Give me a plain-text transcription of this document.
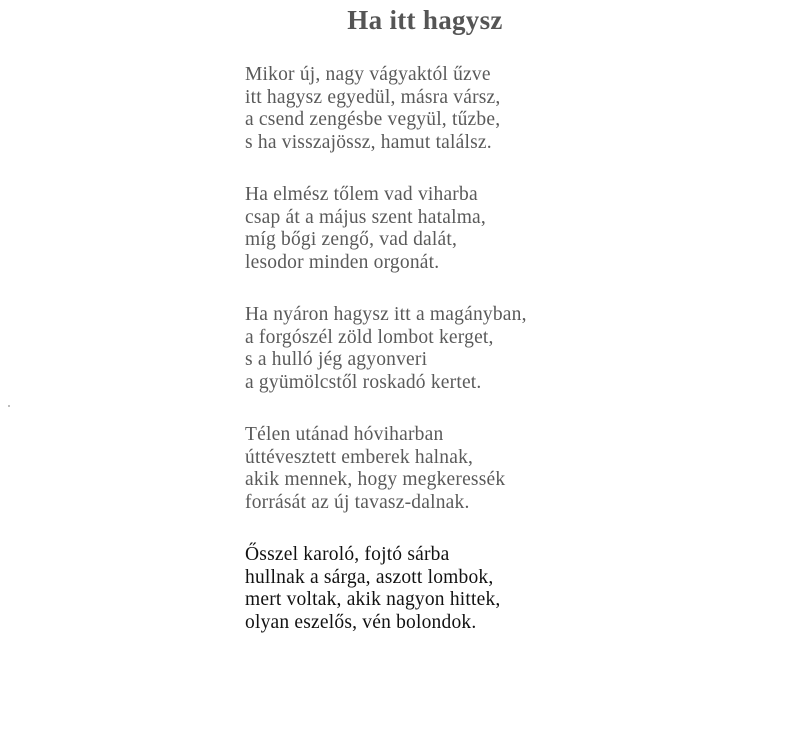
Ha itt hagysz
Mikor új, nagy vágyaktól űzve
itt hagysz egyedül, másra vársz,
a csend zengésbe vegyül, tűzbe,
s ha visszajössz, hamut találsz.
Ha elmész tőlem vad viharba
csap át a május szent hatalma,
míg bőgi zengő, vad dalát,
lesodor minden orgonát.
Ha nyáron hagysz itt a magányban,
a forgószél zöld lombot kerget,
s a hulló jég agyonveri
a gyümölcstől roskadó kertet.
Télen utánad hóviharban
úttévesztett emberek halnak,
akik mennek, hogy megkeressék
forrását az új tavasz-dalnak.
Ősszel karoló, fojtó sárba
hullnak a sárga, aszott lombok,
mert voltak, akik nagyon hittek,
olyan eszelős, vén bolondok.
